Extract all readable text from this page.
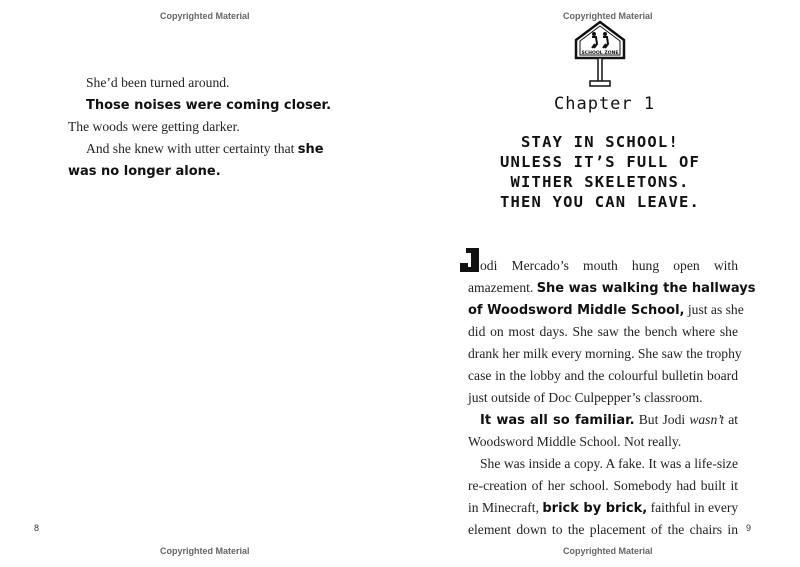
Copyrighted Material
She’d been turned around.
Those noises were coming closer.
The woods were getting darker.
And she knew with utter certainty that she
was no longer alone.
8
Copyrighted Material
Copyrighted Material
SCHOOL ZONE
Chapter 1
STAY IN SCHOOL!
UNLESS IT’S FULL OF
WITHER SKELETONS.
THEN YOU CAN LEAVE.
odi Mercado’s mouth hung open with
amazement. She was walking the hallways
of Woodsword Middle School, just as she
did on most days. She saw the bench where she
drank her milk every morning. She saw the trophy
case in the lobby and the colourful bulletin board
just outside of Doc Culpepper’s classroom.
It was all so familiar. But Jodi wasn’t at
Woodsword Middle School. Not really.
She was inside a copy. A fake. It was a life-size
re-creation of her school. Somebody had built it
in Minecraft, brick by brick, faithful in every
element down to the placement of the chairs in 9
Copyrighted Material
